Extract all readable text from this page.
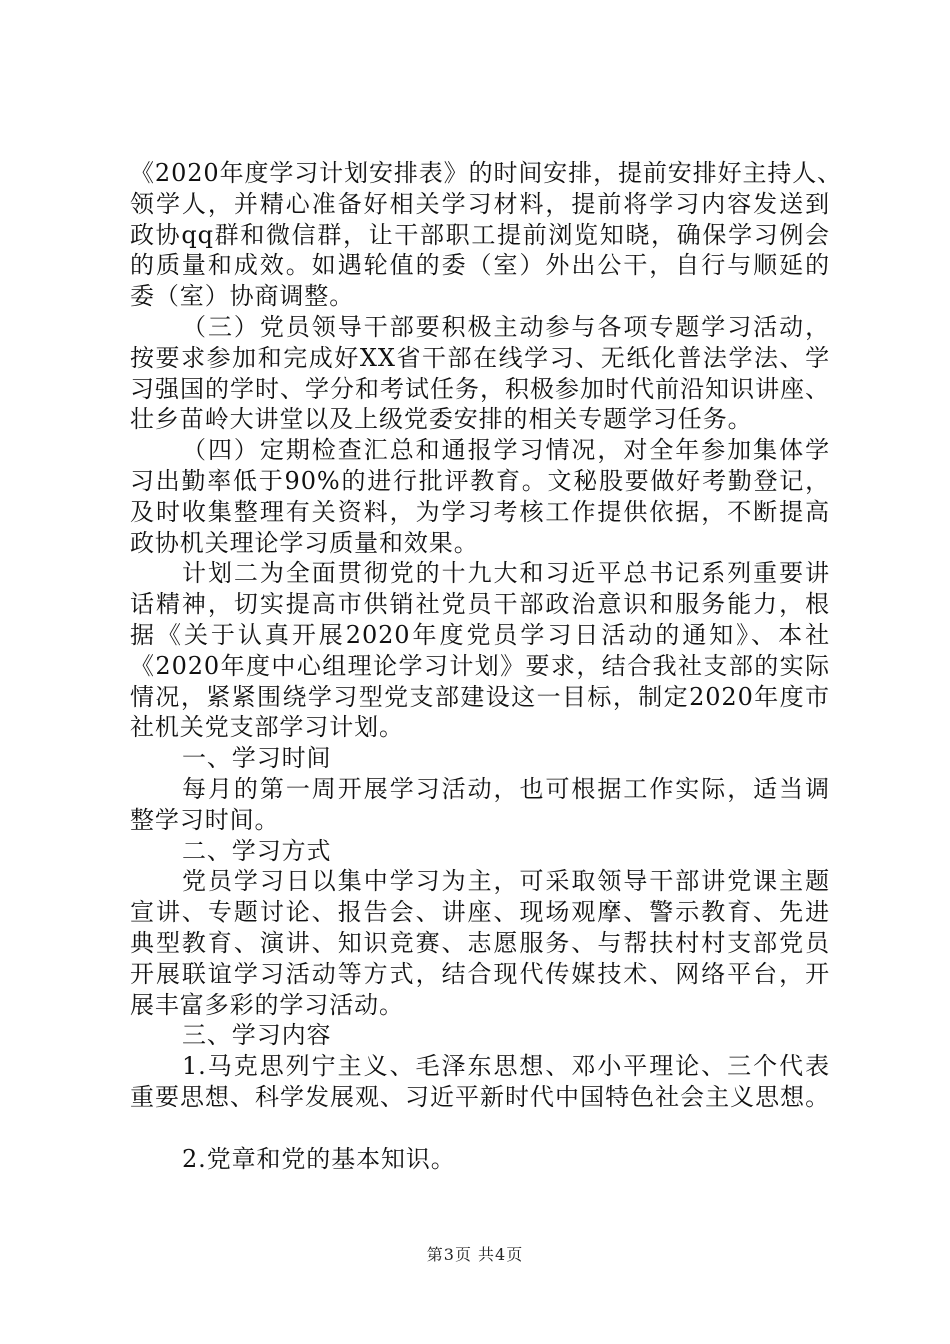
《2020年度学习计划安排表》的时间安排，提前安排好主持人、
领学人，并精心准备好相关学习材料，提前将学习内容发送到
政协qq群和微信群，让干部职工提前浏览知晓，确保学习例会
的质量和成效。如遇轮值的委（室）外出公干，自行与顺延的
委（室）协商调整。
（三）党员领导干部要积极主动参与各项专题学习活动，
按要求参加和完成好XX省干部在线学习、无纸化普法学法、学
习强国的学时、学分和考试任务，积极参加时代前沿知识讲座、
壮乡苗岭大讲堂以及上级党委安排的相关专题学习任务。
（四）定期检查汇总和通报学习情况，对全年参加集体学
习出勤率低于90%的进行批评教育。文秘股要做好考勤登记，
及时收集整理有关资料，为学习考核工作提供依据，不断提高
政协机关理论学习质量和效果。
计划二为全面贯彻党的十九大和习近平总书记系列重要讲
话精神，切实提高市供销社党员干部政治意识和服务能力，根
据《关于认真开展2020年度党员学习日活动的通知》、本社
《2020年度中心组理论学习计划》要求，结合我社支部的实际
情况，紧紧围绕学习型党支部建设这一目标，制定2020年度市
社机关党支部学习计划。
一、学习时间
每月的第一周开展学习活动，也可根据工作实际，适当调
整学习时间。
二、学习方式
党员学习日以集中学习为主，可采取领导干部讲党课主题
宣讲、专题讨论、报告会、讲座、现场观摩、警示教育、先进
典型教育、演讲、知识竞赛、志愿服务、与帮扶村村支部党员
开展联谊学习活动等方式，结合现代传媒技术、网络平台，开
展丰富多彩的学习活动。
三、学习内容
1.马克思列宁主义、毛泽东思想、邓小平理论、三个代表
重要思想、科学发展观、习近平新时代中国特色社会主义思想。
2.党章和党的基本知识。
第3页 共4页
